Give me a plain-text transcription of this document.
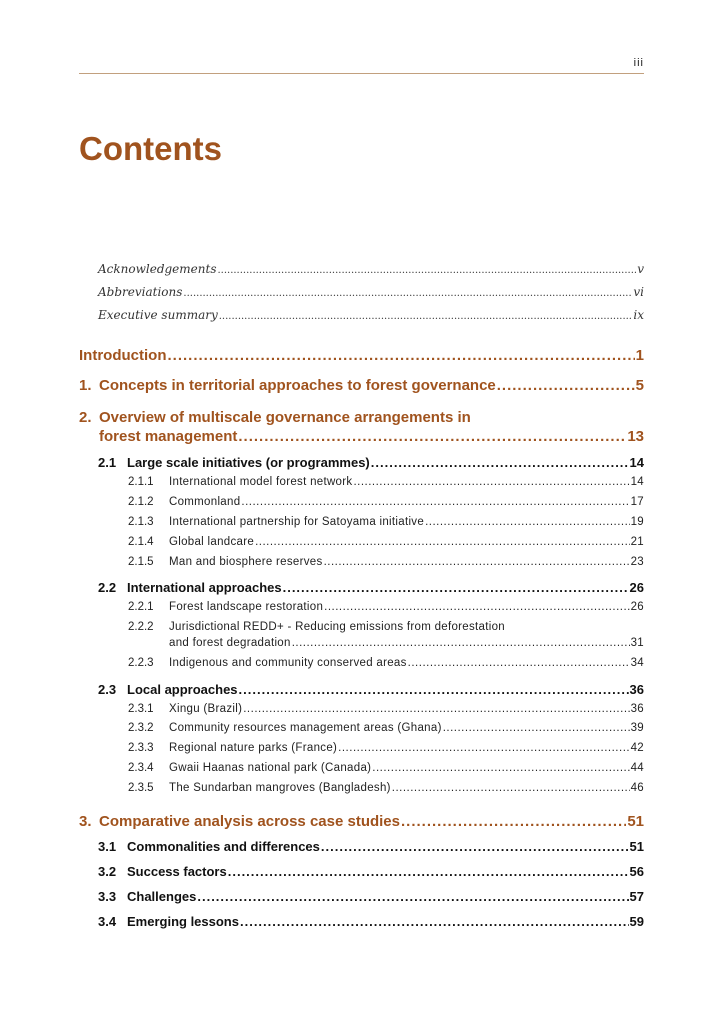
iii
Contents
Acknowledgements .....	v
Abbreviations .....	vi
Executive summary .....	ix
Introduction .....	1
1. Concepts in territorial approaches to forest governance .....	5
2. Overview of multiscale governance arrangements in
forest management .....	13
2.1 Large scale initiatives (or programmes) .....	14
2.1.1	International model forest network .....	14
2.1.2	Commonland .....	17
2.1.3	International partnership for Satoyama initiative .....	19
2.1.4	Global landcare .....	21
2.1.5	Man and biosphere reserves .....	23
2.2 International approaches .....	26
2.2.1	Forest landscape restoration .....	26
2.2.2 Jurisdictional REDD+ - Reducing emissions from deforestation
and forest degradation .....	31
2.2.3	Indigenous and community conserved areas .....	34
2.3 Local approaches .....	36
2.3.1	Xingu (Brazil) .....	36
2.3.2	Community resources management areas (Ghana) .....	39
2.3.3	Regional nature parks (France) .....	42
2.3.4	Gwaii Haanas national park (Canada) .....	44
2.3.5	The Sundarban mangroves (Bangladesh) .....	46
3. Comparative analysis across case studies .....	51
3.1 Commonalities and differences .....	51
3.2 Success factors .....	56
3.3 Challenges .....	57
3.4 Emerging lessons .....	59
